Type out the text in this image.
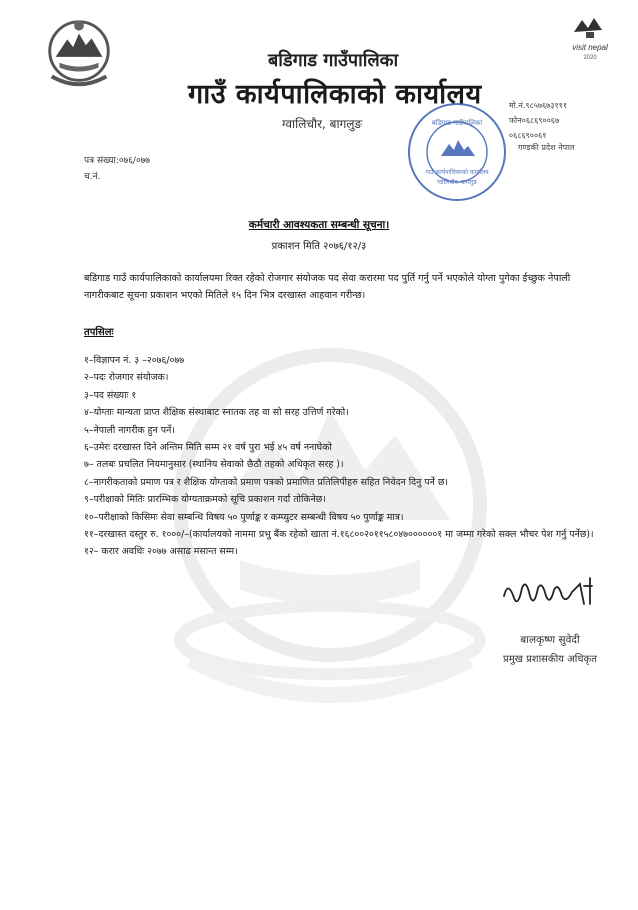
visit nepal
2020
बडिगाड गाउँपालिका
गाउँ कार्यपालिकाको कार्यालय
ग्वालिचौर, बागलुङ
बडिगाड गाउँपालिका
गाउँ कार्यपालिकाको कार्यालय
ग्वालिचौर, बागलुङ
मो.नं.९८५७६७३१११
फोन०६८६९००६७
०६८६९००६१
गण्डकी प्रदेश नेपाल
पत्र संख्या:०७६/०७७
च.नं.
कर्मचारी आवश्यकता सम्बन्धी सूचना।
प्रकाशन मिति २०७६/१२/३
बडिगाड गाउँ कार्यपालिकाको कार्यालयमा रिक्त रहेको रोजगार संयोजक पद सेवा करारमा पद पुर्ति गर्नु पर्ने भएकोले योग्ता पुगेका ईच्छुक नेपाली नागरीकबाट सूचना प्रकाशन भएको मितिले १५ दिन भित्र दरखास्त आहवान गरीन्छ।
तपसिलः
१–विज्ञापन नं. ३ –२०७६/०७७
२–पदः रोजगार संयोजक।
३–पद संख्याः १
४–योग्ताः मान्यता प्राप्त शैक्षिक संस्थाबाट स्नातक तह वा सो सरह उत्तिर्ण गरेको।
५–नेपाली नागरीक हुन पर्ने।
६–उमेरः दरखास्त दिने अन्तिम मिति सम्म २१ वर्ष पुरा भई ४५ वर्ष ननाघेको
७– तलबः प्रचलित नियमानुसार (स्थानिय सेवाको छैठौ तहको अधिकृत सरह )।
८–नागरीकताको प्रमाण पत्र र शैक्षिक योग्ताको प्रमाण पत्रको प्रमाणित प्रतिलिपीहरु सहित निवेदन दिनु पर्ने छ।
९–परीक्षाको मितिः प्रारम्भिक योग्यताक्रमको सूचि प्रकाशन गर्दा तोकिनेछ।
१०–परीक्षाको किसिमः सेवा सम्बन्धि विषय ५० पुर्णाङ्क र कम्प्युटर सम्बन्धी विषय ५० पुर्णाङ्क मात्र।
११–दरखास्त दस्तुर रु. १०००/–(कार्यालयको नाममा प्रभु बैंक रहेको खाता नं.१६८००२०११५८०४७००००००१ मा जम्मा गरेको सक्ल भौचर पेश गर्नु पर्नेछ)।
१२– करार अवधिः २०७७ असाढ मसान्त सम्म।
बालकृष्ण सुवेदी
प्रमुख प्रशासकीय अधिकृत
